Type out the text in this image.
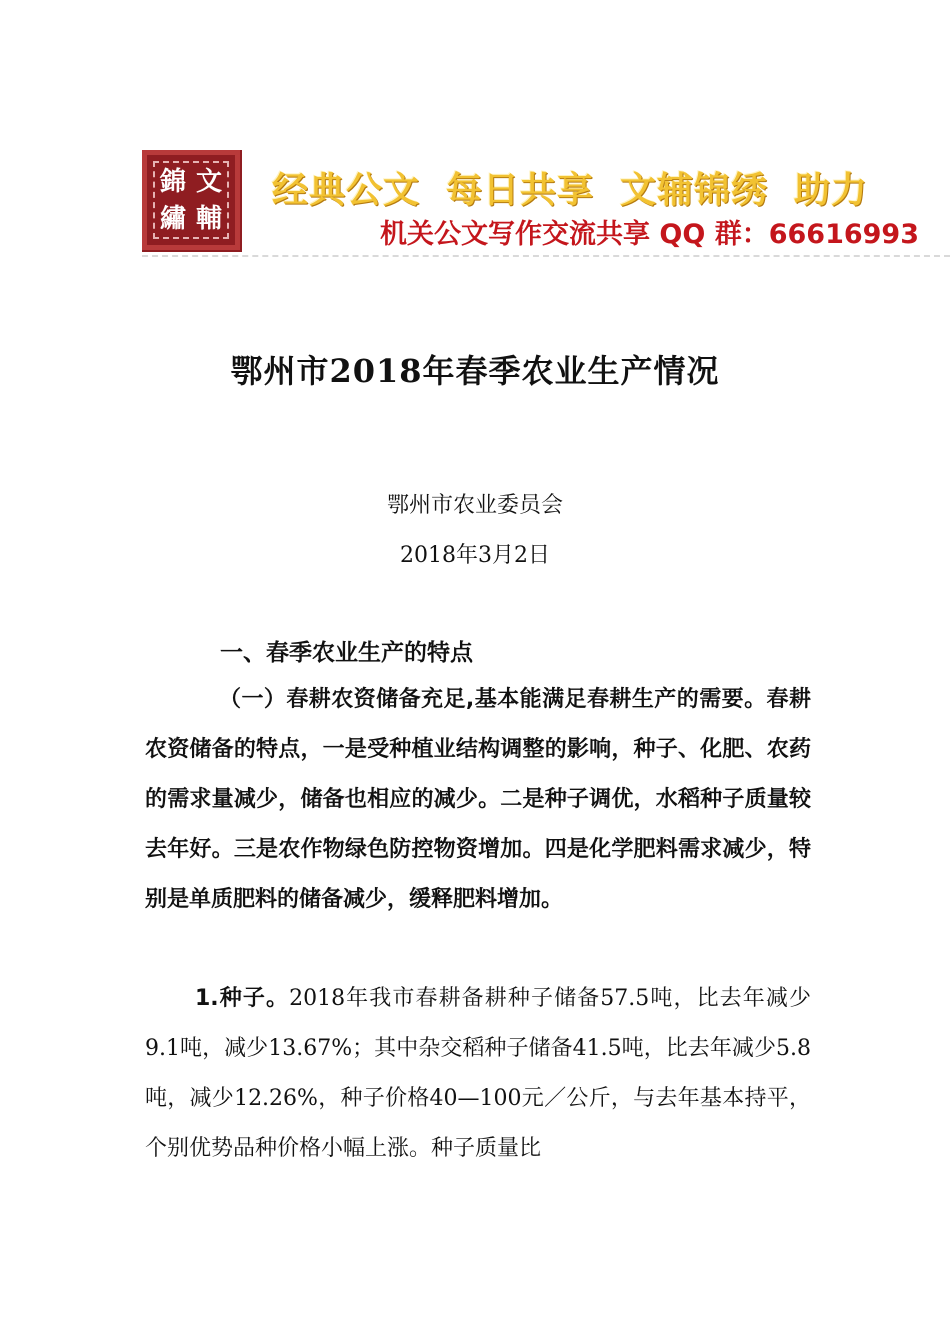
錦 文
繡 輔
经典公文 每日共享 文辅锦绣 助力
机关公文写作交流共享 QQ 群：66616993
鄂州市2018年春季农业生产情况
鄂州市农业委员会
2018年3月2日
一、春季农业生产的特点
（一）春耕农资储备充足,基本能满足春耕生产的需要。春耕农资储备的特点，一是受种植业结构调整的影响，种子、化肥、农药的需求量减少，储备也相应的减少。二是种子调优，水稻种子质量较去年好。三是农作物绿色防控物资增加。四是化学肥料需求减少，特别是单质肥料的储备减少，缓释肥料增加。
1.种子。2018年我市春耕备耕种子储备57.5吨，比去年减少9.1吨，减少13.67%；其中杂交稻种子储备41.5吨，比去年减少5.8吨，减少12.26%，种子价格40—100元／公斤，与去年基本持平，个别优势品种价格小幅上涨。种子质量比
